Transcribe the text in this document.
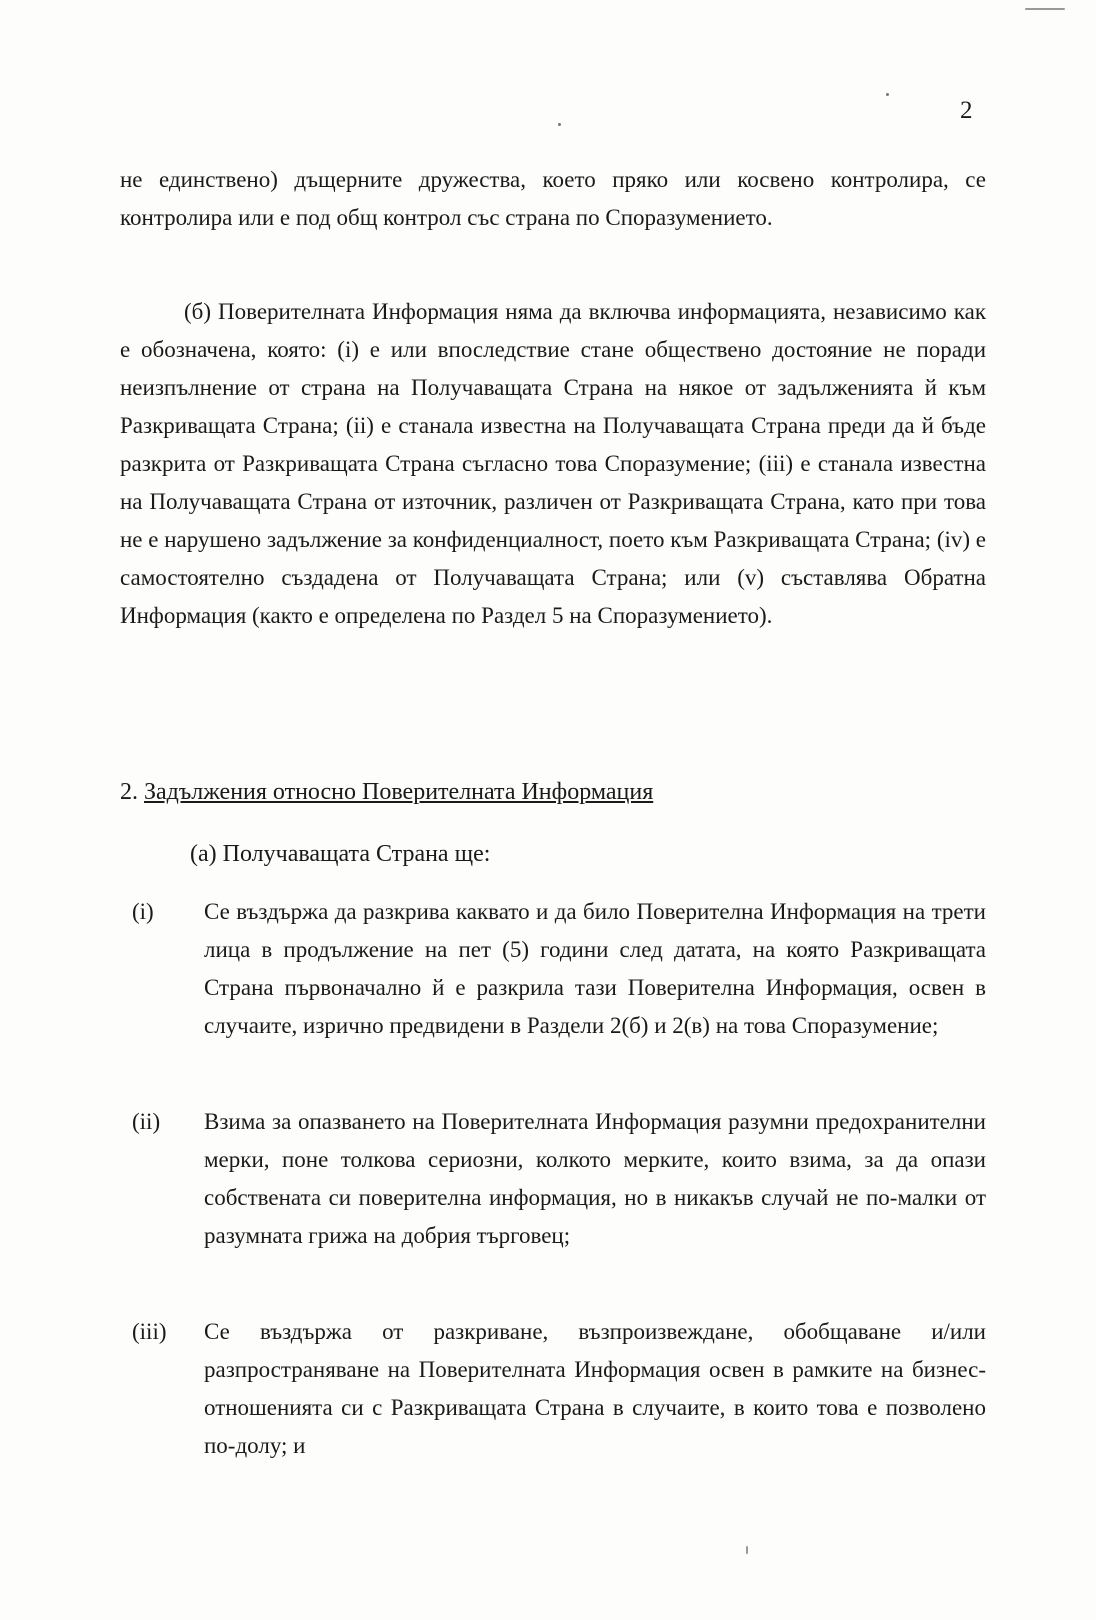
2
не единствено) дъщерните дружества, което пряко или косвено контролира, се контролира или е под общ контрол със страна по Споразумението.
(б) Поверителната Информация няма да включва информацията, независимо как е обозначена, която: (i) е или впоследствие стане обществено достояние не поради неизпълнение от страна на Получаващата Страна на някое от задълженията й към Разкриващата Страна; (ii) е станала известна на Получаващата Страна преди да й бъде разкрита от Разкриващата Страна съгласно това Споразумение; (iii) е станала известна на Получаващата Страна от източник, различен от Разкриващата Страна, като при това не е нарушено задължение за конфиденциалност, поето към Разкриващата Страна; (iv) е самостоятелно създадена от Получаващата Страна; или (v) съставлява Обратна Информация (както е определена по Раздел 5 на Споразумението).
2. Задължения относно Поверителната Информация
(а) Получаващата Страна ще:
(i) Се въздържа да разкрива каквато и да било Поверителна Информация на трети лица в продължение на пет (5) години след датата, на която Разкриващата Страна първоначално й е разкрила тази Поверителна Информация, освен в случаите, изрично предвидени в Раздели 2(б) и 2(в) на това Споразумение;
(ii) Взима за опазването на Поверителната Информация разумни предохранителни мерки, поне толкова сериозни, колкото мерките, които взима, за да опази собствената си поверителна информация, но в никакъв случай не по-малки от разумната грижа на добрия търговец;
(iii) Се въздържа от разкриване, възпроизвеждане, обобщаване и/или разпространяване на Поверителната Информация освен в рамките на бизнес-отношенията си с Разкриващата Страна в случаите, в които това е позволено по-долу; и
